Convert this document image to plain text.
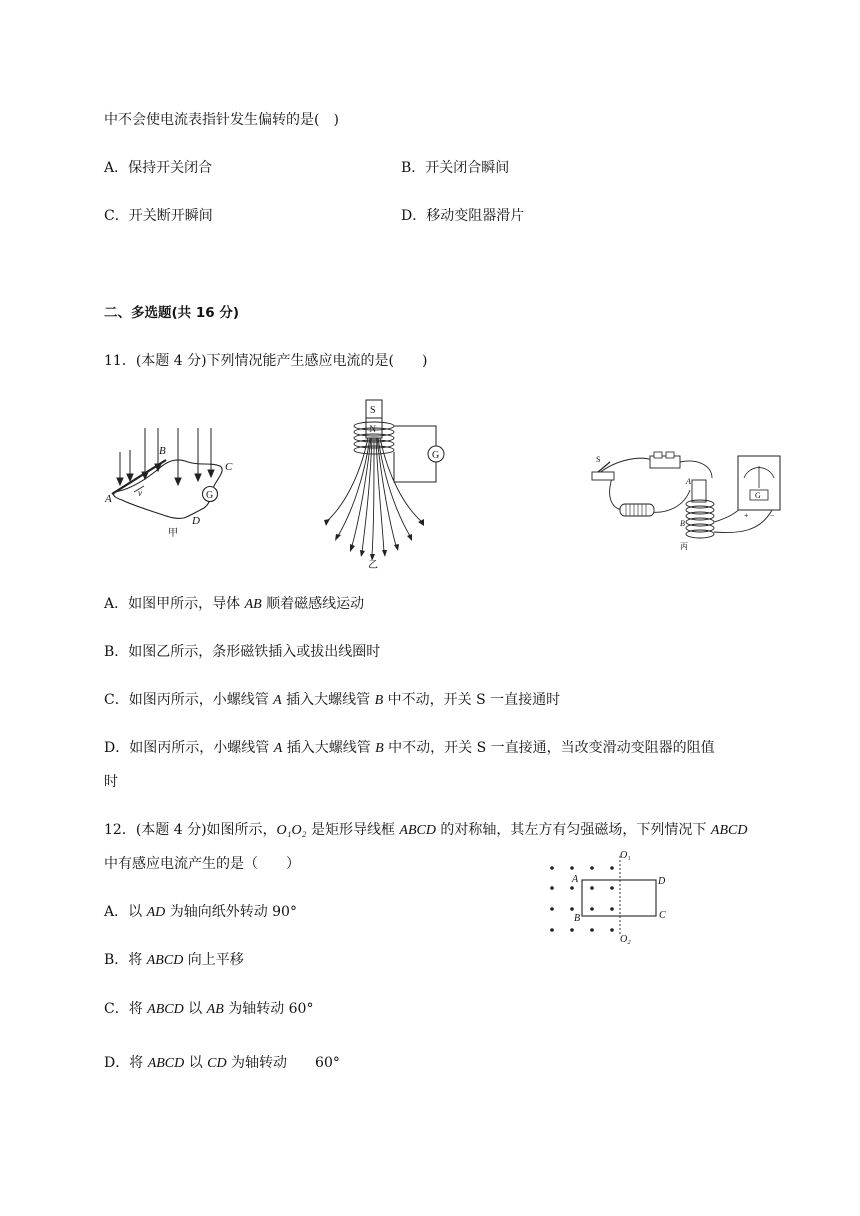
中不会使电流表指针发生偏转的是(　)
A．保持开关闭合	B．开关闭合瞬间
C．开关断开瞬间	D．移动变阻器滑片
二、多选题(共 16 分)
11．(本题 4 分)下列情况能产生感应电流的是(　　)
G
A
B
C
D
v
甲
S
N
G
乙
S
A
B
G
+	−
丙
A．如图甲所示，导体 AB 顺着磁感线运动
B．如图乙所示，条形磁铁插入或拔出线圈时
C．如图丙所示，小螺线管 A 插入大螺线管 B 中不动，开关 S 一直接通时
D．如图丙所示，小螺线管 A 插入大螺线管 B 中不动，开关 S 一直接通，当改变滑动变阻器的阻值
时
12．(本题 4 分)如图所示，O₁O₂ 是矩形导线框 ABCD 的对称轴，其左方有匀强磁场，下列情况下 ABCD
中有感应电流产生的是（　　）
O₁
O₂
A
B	C
D
A．以 AD 为轴向纸外转动 90°
B．将 ABCD 向上平移
C．将 ABCD 以 AB 为轴转动 60°
D．将 ABCD 以 CD 为轴转动　　60°
